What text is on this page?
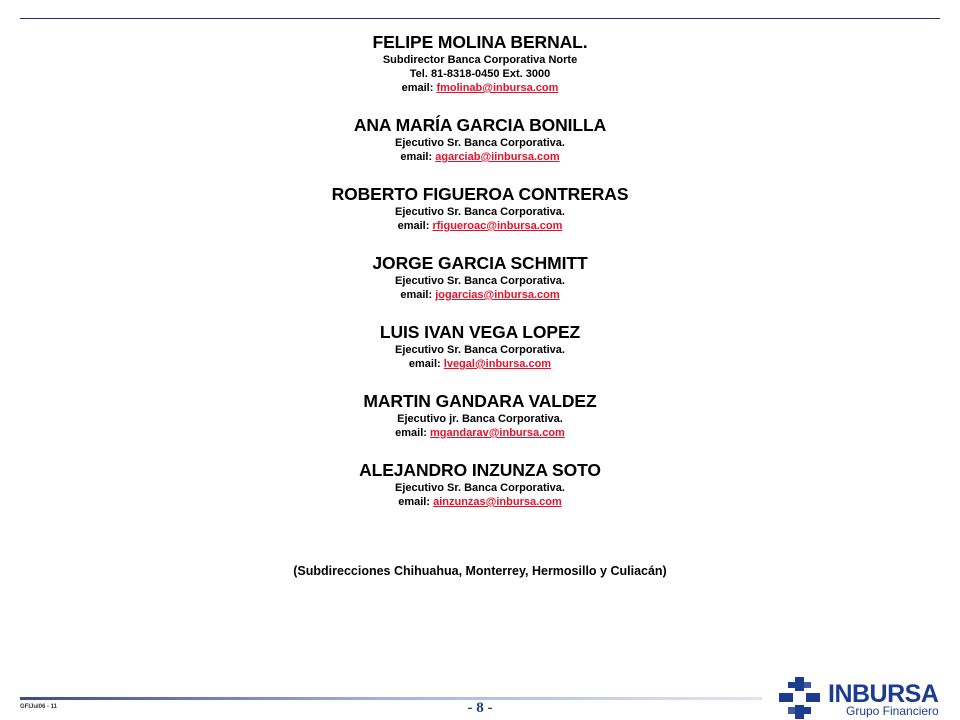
FELIPE MOLINA BERNAL.
Subdirector Banca Corporativa Norte
Tel. 81-8318-0450 Ext. 3000
email: fmolinab@inbursa.com
ANA MARÍA GARCIA BONILLA
Ejecutivo Sr. Banca Corporativa.
email: agarciab@iinbursa.com
ROBERTO FIGUEROA CONTRERAS
Ejecutivo Sr. Banca Corporativa.
email: rfigueroac@inbursa.com
JORGE GARCIA SCHMITT
Ejecutivo Sr. Banca Corporativa.
email: jogarcias@inbursa.com
LUIS IVAN VEGA LOPEZ
Ejecutivo Sr. Banca Corporativa.
email: lvegal@inbursa.com
MARTIN GANDARA VALDEZ
Ejecutivo jr. Banca Corporativa.
email: mgandarav@inbursa.com
ALEJANDRO INZUNZA SOTO
Ejecutivo Sr. Banca Corporativa.
email: ainzunzas@inbursa.com
(Subdirecciones Chihuahua, Monterrey, Hermosillo y Culiacán)
GFIJul06 - 11	- 8 -	INBURSA
Grupo Financiero
